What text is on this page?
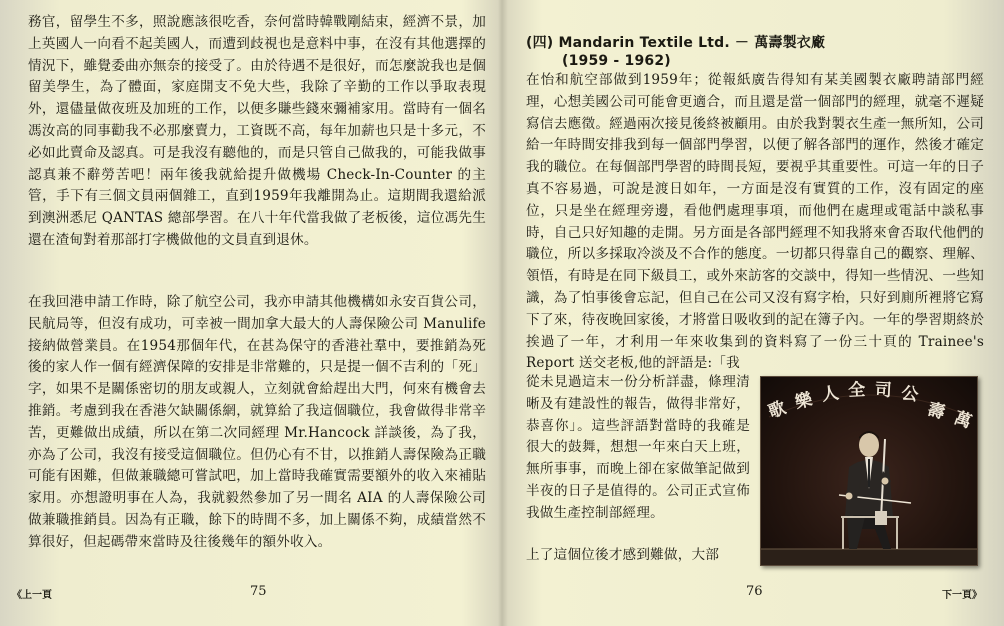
務官，留學生不多，照說應該很吃香，奈何當時韓戰剛結束，經濟不景，加上英國人一向看不起美國人，而遭到歧視也是意料中事，在沒有其他選擇的情況下，雖覺委曲亦無奈的接受了。由於待遇不是很好，而怎麼說我也是個留美學生，為了體面，家庭開支不免大些，我除了辛勤的工作以爭取表現外，還儘量做夜班及加班的工作，以便多賺些錢來彌補家用。當時有一個名馮汝高的同事勸我不必那麼賣力，工資既不高，每年加薪也只是十多元，不必如此賣命及認真。可是我沒有聽他的，而是只管自己做我的，可能我做事認真兼不辭勞苦吧！兩年後我就給提升做機場 Check-In-Counter 的主管，手下有三個文員兩個雜工，直到1959年我離開為止。這期間我還給派到澳洲悉尼 QANTAS 總部學習。在八十年代當我做了老板後，這位馮先生還在渣甸對着那部打字機做他的文員直到退休。

在我回港申請工作時，除了航空公司，我亦申請其他機構如永安百貨公司，民航局等，但沒有成功，可幸被一間加拿大最大的人壽保險公司 Manulife 接納做營業員。在1954那個年代，在甚為保守的香港社羣中，要推銷為死後的家人作一個有經濟保障的安排是非常難的，只是提一個不吉利的「死」字，如果不是關係密切的朋友或親人，立刻就會給趕出大門，何來有機會去推銷。考慮到我在香港欠缺關係網，就算給了我這個職位，我會做得非常辛苦，更難做出成績，所以在第二次同經理 Mr.Hancock 詳談後，為了我，亦為了公司，我沒有接受這個職位。但仍心有不甘，以推銷人壽保險為正職可能有困難，但做兼職總可嘗試吧，加上當時我確實需要額外的收入來補貼家用。亦想證明事在人為，我就毅然參加了另一間名 AIA 的人壽保險公司做兼職推銷員。因為有正職，餘下的時間不多，加上關係不夠，成績當然不算很好，但起碼帶來當時及往後幾年的額外收入。

《上一頁	75
(四) Mandarin Textile Ltd. － 萬壽製衣廠
(1959 - 1962)

在怡和航空部做到1959年；從報紙廣告得知有某美國製衣廠聘請部門經理，心想美國公司可能會更適合，而且還是當一個部門的經理，就毫不遲疑寫信去應徵。經過兩次接見後終被顧用。由於我對製衣生產一無所知，公司給一年時間安排我到每一個部門學習，以便了解各部門的運作，然後才確定我的職位。在每個部門學習的時間長短，要視乎其重要性。可這一年的日子真不容易過，可說是渡日如年，一方面是沒有實質的工作，沒有固定的座位，只是坐在經理旁邊，看他們處理事項，而他們在處理或電話中談私事時，自己只好知趣的走開。另方面是各部門經理不知我將來會否取代他們的職位，所以多採取冷淡及不合作的態度。一切都只得靠自己的觀察、理解、領悟，有時是在同下級員工，或外來訪客的交談中，得知一些情況、一些知識，為了怕事後會忘記，但自己在公司又沒有寫字枱，只好到廁所裡將它寫下了來，待夜晚回家後，才將當日吸收到的記在簿子內。一年的學習期終於挨過了一年，才利用一年來收集到的資料寫了一份三十頁的 Trainee's Report 送交老板,他的評語是:「我

從未見過這末一份分析詳盡，條理清晰及有建設性的報告，做得非常好，恭喜你」。這些評語對當時的我確是很大的鼓舞，想想一年來白天上班，無所事事，而晚上卻在家做筆記做到半夜的日子是值得的。公司正式宣佈我做生產控制部經理。

上了這個位後才感到難做，大部

歌 樂 人 全 司 公
壽 萬
76	下一頁》
